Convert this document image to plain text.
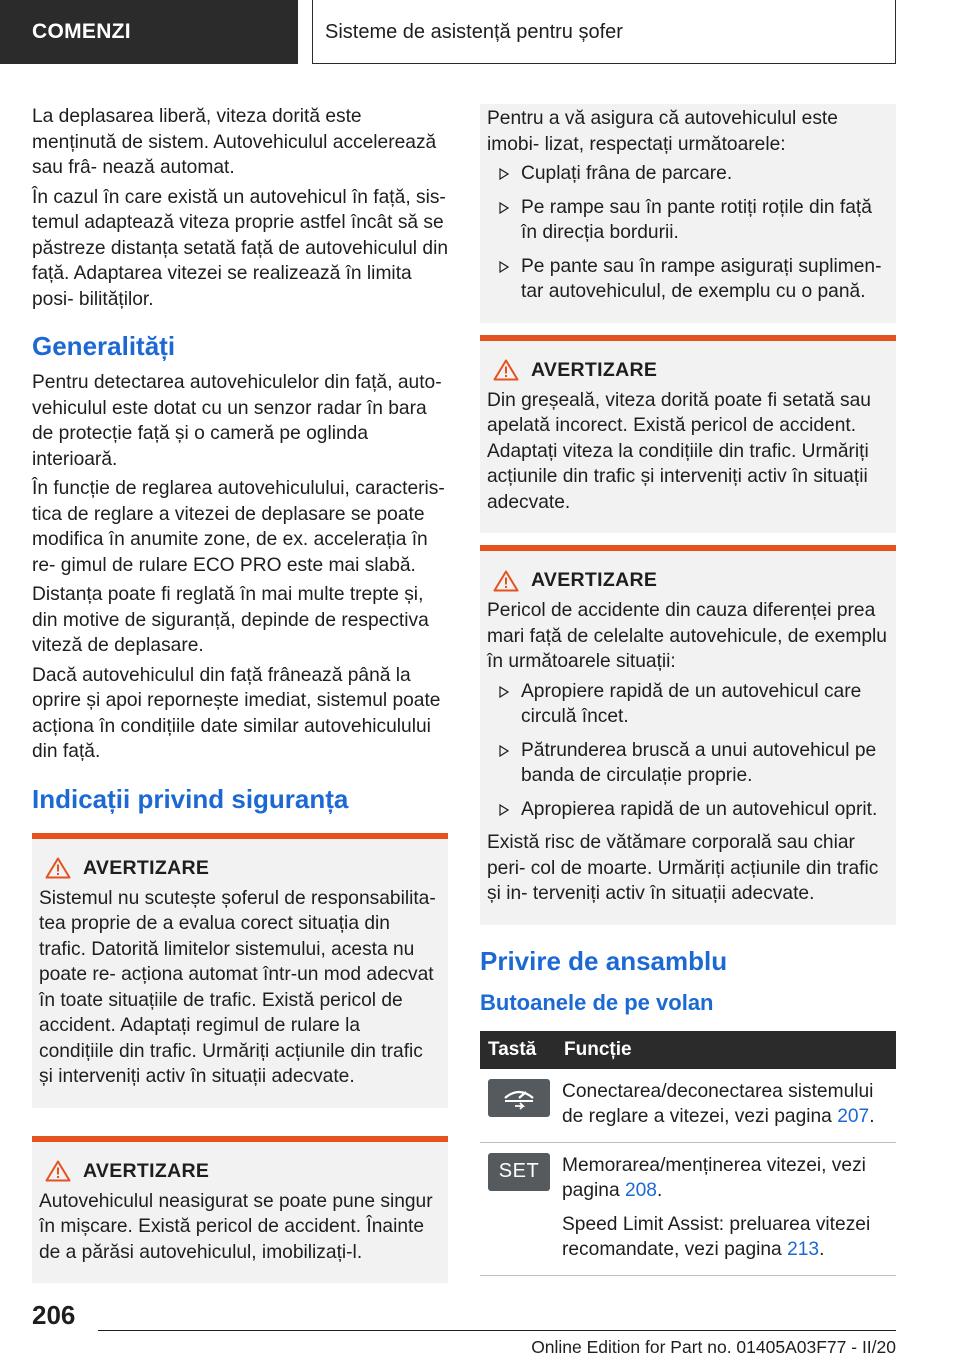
COMENZI	Sisteme de asistență pentru șofer

La deplasarea liberă, viteza dorită este menținută de sistem. Autovehiculul accelerează sau frâ‐ nează automat.

În cazul în care există un autovehicul în față, sis‐ temul adaptează viteza proprie astfel încât să se păstreze distanța setată față de autovehiculul din față. Adaptarea vitezei se realizează în limita posi‐ bilităților.

Generalități

Pentru detectarea autovehiculelor din față, auto‐ vehiculul este dotat cu un senzor radar în bara de protecție față și o cameră pe oglinda interioară.

În funcție de reglarea autovehiculului, caracteris‐ tica de reglare a vitezei de deplasare se poate modifica în anumite zone, de ex. accelerația în re‐ gimul de rulare ECO PRO este mai slabă.

Distanța poate fi reglată în mai multe trepte și, din motive de siguranță, depinde de respectiva viteză de deplasare.

Dacă autovehiculul din față frânează până la oprire și apoi repornește imediat, sistemul poate acționa în condițiile date similar autovehiculului din față.

Indicații privind siguranța
AVERTIZARE

Sistemul nu scutește șoferul de responsabilita‐ tea proprie de a evalua corect situația din trafic. Datorită limitelor sistemului, acesta nu poate re‐ acționa automat într-un mod adecvat în toate situațiile de trafic. Există pericol de accident. Adaptați regimul de rulare la condițiile din trafic. Urmăriți acțiunile din trafic și interveniți activ în situații adecvate.

AVERTIZARE

Autovehiculul neasigurat se poate pune singur în mișcare. Există pericol de accident. Înainte de a părăsi autovehiculul, imobilizați-l.

Pentru a vă asigura că autovehiculul este imobi‐ lizat, respectați următoarele:

Cuplați frâna de parcare.
Pe rampe sau în pante rotiți roțile din față în direcția bordurii.
Pe pante sau în rampe asigurați suplimen‐ tar autovehiculul, de exemplu cu o pană.
AVERTIZARE

Din greșeală, viteza dorită poate fi setată sau apelată incorect. Există pericol de accident. Adaptați viteza la condițiile din trafic. Urmăriți acțiunile din trafic și interveniți activ în situații adecvate.

AVERTIZARE

Pericol de accidente din cauza diferenței prea mari față de celelalte autovehicule, de exemplu în următoarele situații:

Apropiere rapidă de un autovehicul care circulă încet.
Pătrunderea bruscă a unui autovehicul pe banda de circulație proprie.
Apropierea rapidă de un autovehicul oprit.

Există risc de vătămare corporală sau chiar peri‐ col de moarte. Urmăriți acțiunile din trafic și in‐ terveniți activ în situații adecvate.

Privire de ansamblu
Butoanele de pe volan
Tastă	Funcție

	Conectarea/deconectarea sistemului de reglare a vitezei, vezi pagina 207.

SET	Memorarea/menținerea vitezei, vezi pagina 208.
Speed Limit Assist: preluarea vitezei recomandate, vezi pagina 213.
206
Online Edition for Part no. 01405A03F77 - II/20
